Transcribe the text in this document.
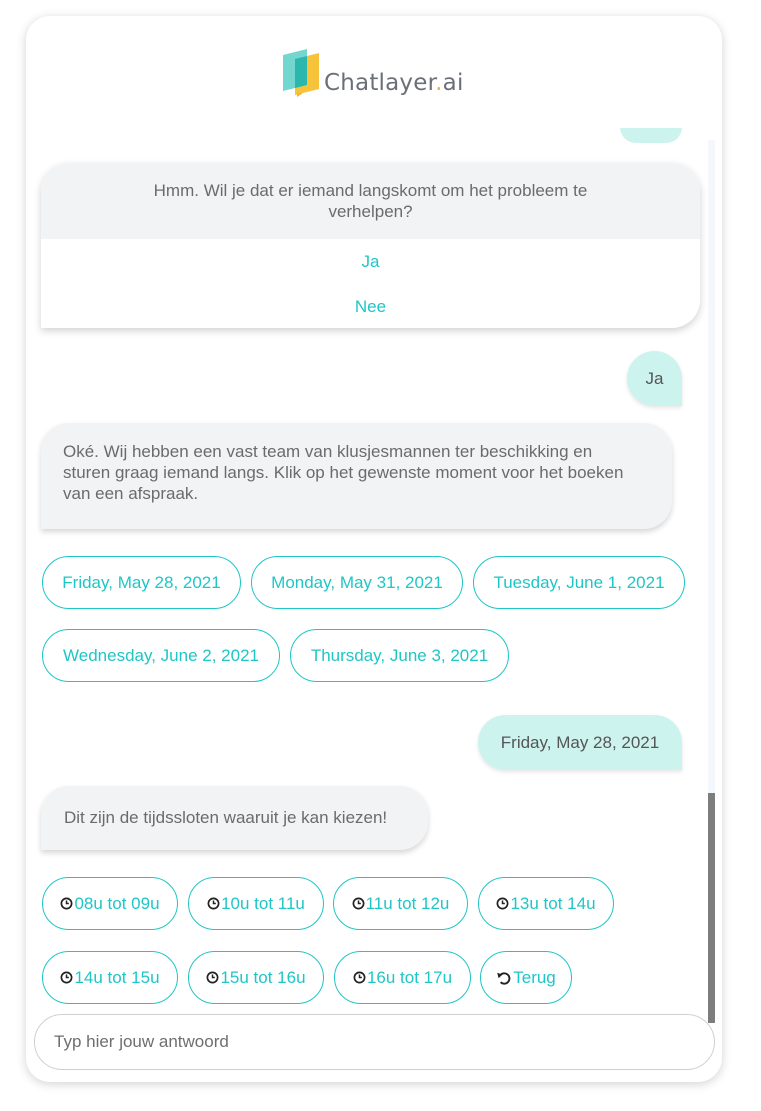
Chatlayer.ai
Hmm. Wil je dat er iemand langskomt om het probleem te verhelpen?
Ja
Nee
Ja
Oké. Wij hebben een vast team van klusjesmannen ter beschikking en sturen graag iemand langs. Klik op het gewenste moment voor het boeken van een afspraak.
Friday, May 28, 2021	Monday, May 31, 2021	Tuesday, June 1, 2021
Wednesday, June 2, 2021	Thursday, June 3, 2021
Friday, May 28, 2021
Dit zijn de tijdssloten waaruit je kan kiezen!
08u tot 09u	10u tot 11u	11u tot 12u	13u tot 14u
14u tot 15u	15u tot 16u	16u tot 17u	Terug
Typ hier jouw antwoord
